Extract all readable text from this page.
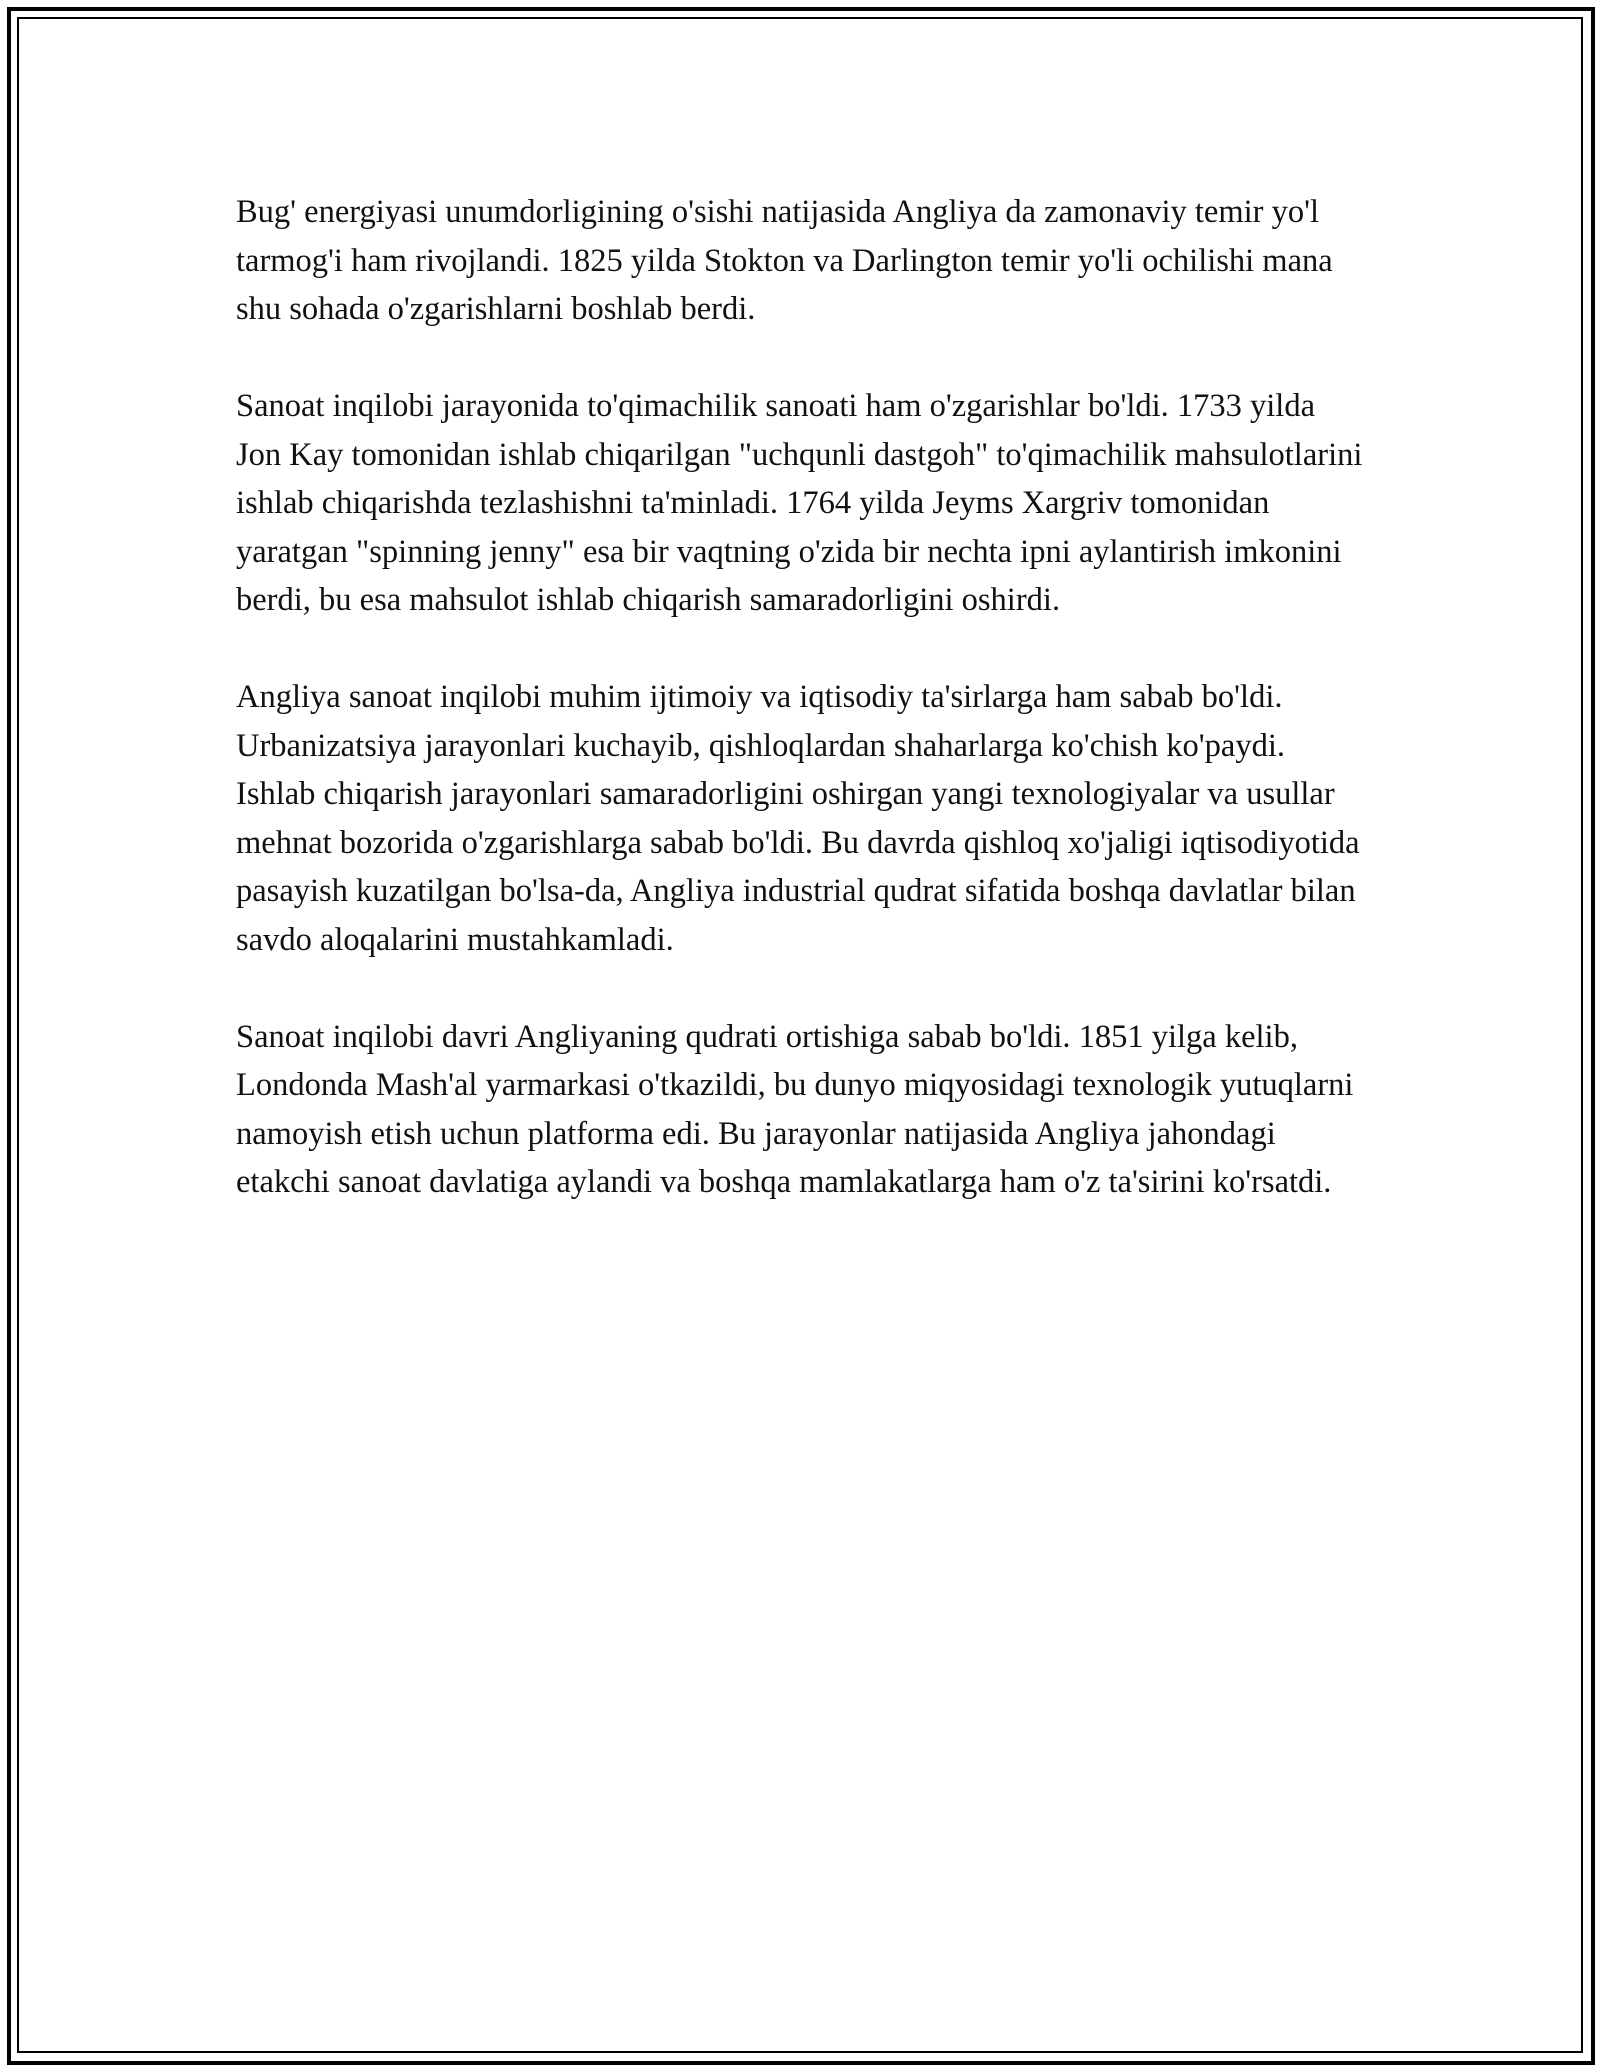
Bug' energiyasi unumdorligining o'sishi natijasida Angliya da zamonaviy temir yo'l tarmog'i ham rivojlandi. 1825 yilda Stokton va Darlington temir yo'li ochilishi mana shu sohada o'zgarishlarni boshlab berdi.

Sanoat inqilobi jarayonida to'qimachilik sanoati ham o'zgarishlar bo'ldi. 1733 yilda Jon Kay tomonidan ishlab chiqarilgan "uchqunli dastgoh" to'qimachilik mahsulotlarini ishlab chiqarishda tezlashishni ta'minladi. 1764 yilda Jeyms Xargriv tomonidan yaratgan "spinning jenny" esa bir vaqtning o'zida bir nechta ipni aylantirish imkonini berdi, bu esa mahsulot ishlab chiqarish samaradorligini oshirdi.

Angliya sanoat inqilobi muhim ijtimoiy va iqtisodiy ta'sirlarga ham sabab bo'ldi. Urbanizatsiya jarayonlari kuchayib, qishloqlardan shaharlarga ko'chish ko'paydi. Ishlab chiqarish jarayonlari samaradorligini oshirgan yangi texnologiyalar va usullar mehnat bozorida o'zgarishlarga sabab bo'ldi. Bu davrda qishloq xo'jaligi iqtisodiyotida pasayish kuzatilgan bo'lsa-da, Angliya industrial qudrat sifatida boshqa davlatlar bilan savdo aloqalarini mustahkamladi.

Sanoat inqilobi davri Angliyaning qudrati ortishiga sabab bo'ldi. 1851 yilga kelib, Londonda Mash'al yarmarkasi o'tkazildi, bu dunyo miqyosidagi texnologik yutuqlarni namoyish etish uchun platforma edi. Bu jarayonlar natijasida Angliya jahondagi etakchi sanoat davlatiga aylandi va boshqa mamlakatlarga ham o'z ta'sirini ko'rsatdi.
